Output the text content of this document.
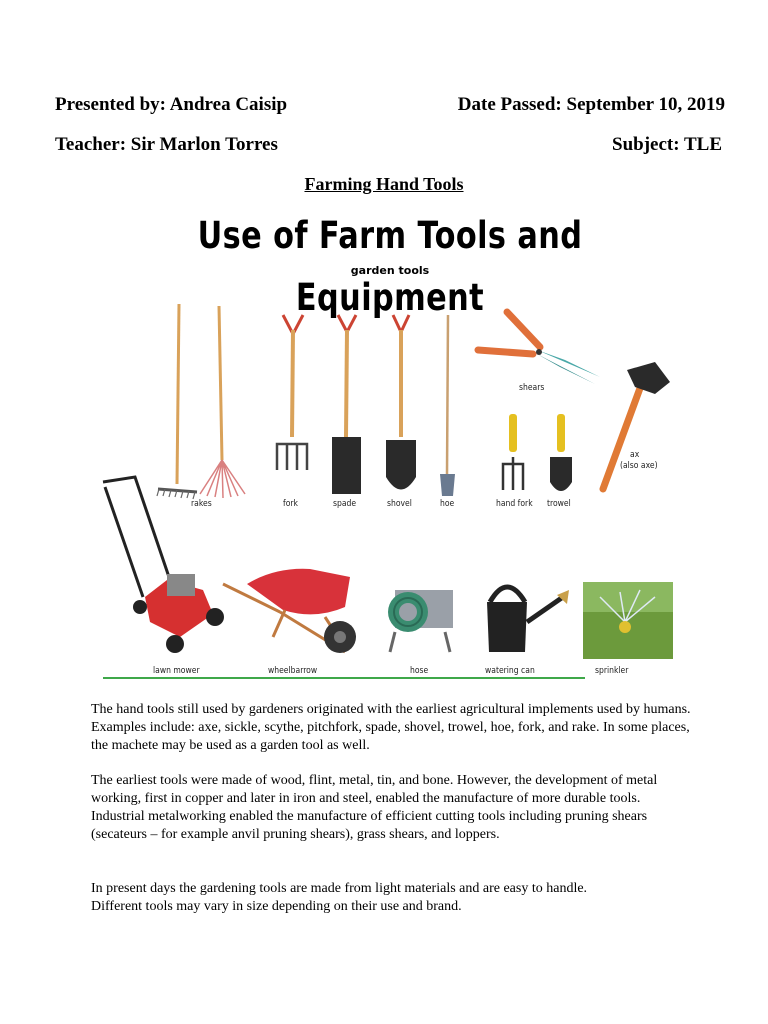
Presented by: Andrea Caisip	Date Passed: September 10, 2019
Teacher: Sir Marlon Torres	Subject: TLE
Farming Hand Tools
Use of Farm Tools and
garden tools
Equipment
rakes	fork	spade	shovel	hoe
shears
hand fork trowel
ax
(also axe)
lawn mower	wheelbarrow	hose	watering can	sprinkler
The hand tools still used by gardeners originated with the earliest agricultural implements used by humans. Examples include: axe, sickle, scythe, pitchfork, spade, shovel, trowel, hoe, fork, and rake. In some places, the machete may be used as a garden tool as well.
The earliest tools were made of wood, flint, metal, tin, and bone. However, the development of metal working, first in copper and later in iron and steel, enabled the manufacture of more durable tools. Industrial metalworking enabled the manufacture of efficient cutting tools including pruning shears (secateurs – for example anvil pruning shears), grass shears, and loppers.
In present days the gardening tools are made from light materials and are easy to handle. Different tools may vary in size depending on their use and brand.
